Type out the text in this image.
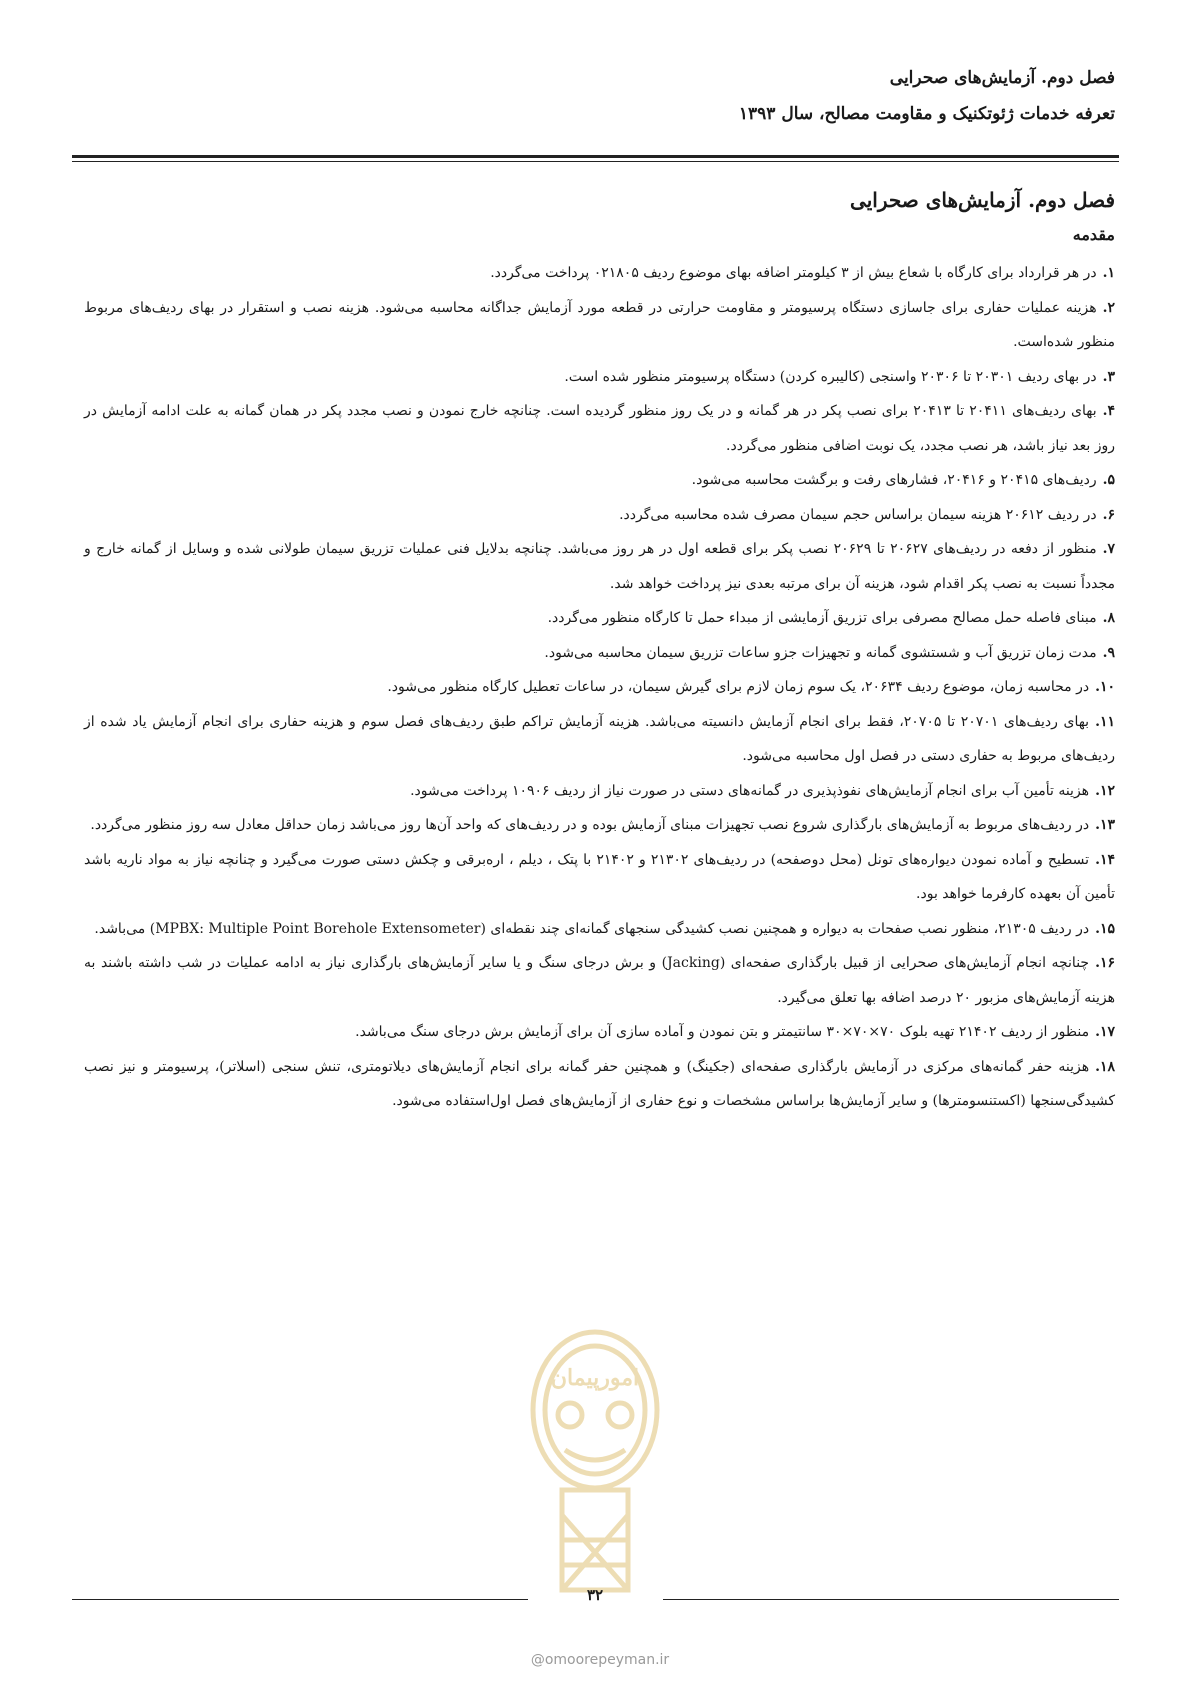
فصل دوم. آزمایش‌های صحرایی
تعرفه خدمات ژئوتکنیک و مقاومت مصالح، سال ۱۳۹۳
فصل دوم. آزمایش‌های صحرایی
مقدمه
۱.در هر قرارداد برای کارگاه با شعاع بیش از ۳ کیلومتر اضافه بهای موضوع ردیف ۰۲۱۸۰۵ پرداخت می‌گردد.
۲.هزینه عملیات حفاری برای جاسازی دستگاه پرسیومتر و مقاومت حرارتی در قطعه مورد آزمایش جداگانه محاسبه می‌شود. هزینه نصب و استقرار در بهای ردیف‌های مربوط منظور شده‌است.
۳.در بهای ردیف ۲۰۳۰۱ تا ۲۰۳۰۶ واسنجی (کالیبره کردن) دستگاه پرسیومتر منظور شده است.
۴.بهای ردیف‌های ۲۰۴۱۱ تا ۲۰۴۱۳ برای نصب پکر در هر گمانه و در یک روز منظور گردیده است. چنانچه خارج نمودن و نصب مجدد پکر در همان گمانه به علت ادامه آزمایش در روز بعد نیاز باشد، هر نصب مجدد، یک نوبت اضافی منظور می‌گردد.
۵.ردیف‌های ۲۰۴۱۵ و ۲۰۴۱۶، فشارهای رفت و برگشت محاسبه می‌شود.
۶.در ردیف ۲۰۶۱۲ هزینه سیمان براساس حجم سیمان مصرف شده محاسبه می‌گردد.
۷.منظور از دفعه در ردیف‌های ۲۰۶۲۷ تا ۲۰۶۲۹ نصب پکر برای قطعه اول در هر روز می‌باشد. چنانچه بدلایل فنی عملیات تزریق سیمان طولانی شده و وسایل از گمانه خارج و مجدداً نسبت به نصب پکر اقدام شود، هزینه آن برای مرتبه بعدی نیز پرداخت خواهد شد.
۸.مبنای فاصله حمل مصالح مصرفی برای تزریق آزمایشی از مبداء حمل تا کارگاه منظور می‌گردد.
۹.مدت زمان تزریق آب و شستشوی گمانه و تجهیزات جزو ساعات تزریق سیمان محاسبه می‌شود.
۱۰.در محاسبه زمان، موضوع ردیف ۲۰۶۳۴، یک سوم زمان لازم برای گیرش سیمان، در ساعات تعطیل کارگاه منظور می‌شود.
۱۱.بهای ردیف‌های ۲۰۷۰۱ تا ۲۰۷۰۵، فقط برای انجام آزمایش دانسیته می‌باشد. هزینه آزمایش تراکم طبق ردیف‌های فصل سوم و هزینه حفاری برای انجام آزمایش یاد شده از ردیف‌های مربوط به حفاری دستی در فصل اول محاسبه می‌شود.
۱۲.هزینه تأمین آب برای انجام آزمایش‌های نفوذپذیری در گمانه‌های دستی در صورت نیاز از ردیف ۱۰۹۰۶ پرداخت می‌شود.
۱۳.در ردیف‌های مربوط به آزمایش‌های بارگذاری شروع نصب تجهیزات مبنای آزمایش بوده و در ردیف‌های که واحد آن‌ها روز می‌باشد زمان حداقل معادل سه روز منظور می‌گردد.
۱۴.تسطیح و آماده نمودن دیواره‌های تونل (محل دوصفحه) در ردیف‌های ۲۱۳۰۲ و ۲۱۴۰۲ با پتک ، دیلم ، اره‌برقی و چکش دستی صورت می‌گیرد و چنانچه نیاز به مواد ناریه باشد تأمین آن بعهده کارفرما خواهد بود.
۱۵.در ردیف ۲۱۳۰۵، منظور نصب صفحات به دیواره و همچنین نصب کشیدگی سنجهای گمانه‌ای چند نقطه‌ای (MPBX: Multiple Point Borehole Extensometer) می‌باشد.
۱۶.چنانچه انجام آزمایش‌های صحرایی از قبیل بارگذاری صفحه‌ای (Jacking) و برش درجای سنگ و یا سایر آزمایش‌های بارگذاری نیاز به ادامه عملیات در شب داشته باشند به هزینه آزمایش‌های مزبور ۲۰ درصد اضافه بها تعلق می‌گیرد.
۱۷.منظور از ردیف ۲۱۴۰۲ تهیه بلوک ۷۰×۷۰×۳۰ سانتیمتر و بتن نمودن و آماده سازی آن برای آزمایش برش درجای سنگ می‌باشد.
۱۸.هزینه حفر گمانه‌های مرکزی در آزمایش بارگذاری صفحه‌ای (جکینگ) و همچنین حفر گمانه برای انجام آزمایش‌های دیلاتومتری، تنش سنجی (اسلاتر)، پرسیومتر و نیز نصب کشیدگی‌سنجها (اکستنسومترها) و سایر آزمایش‌ها براساس مشخصات و نوع حفاری از آزمایش‌های فصل اول‌استفاده می‌شود.
امورپیمان
۳۲
@omoorepeyman.ir
